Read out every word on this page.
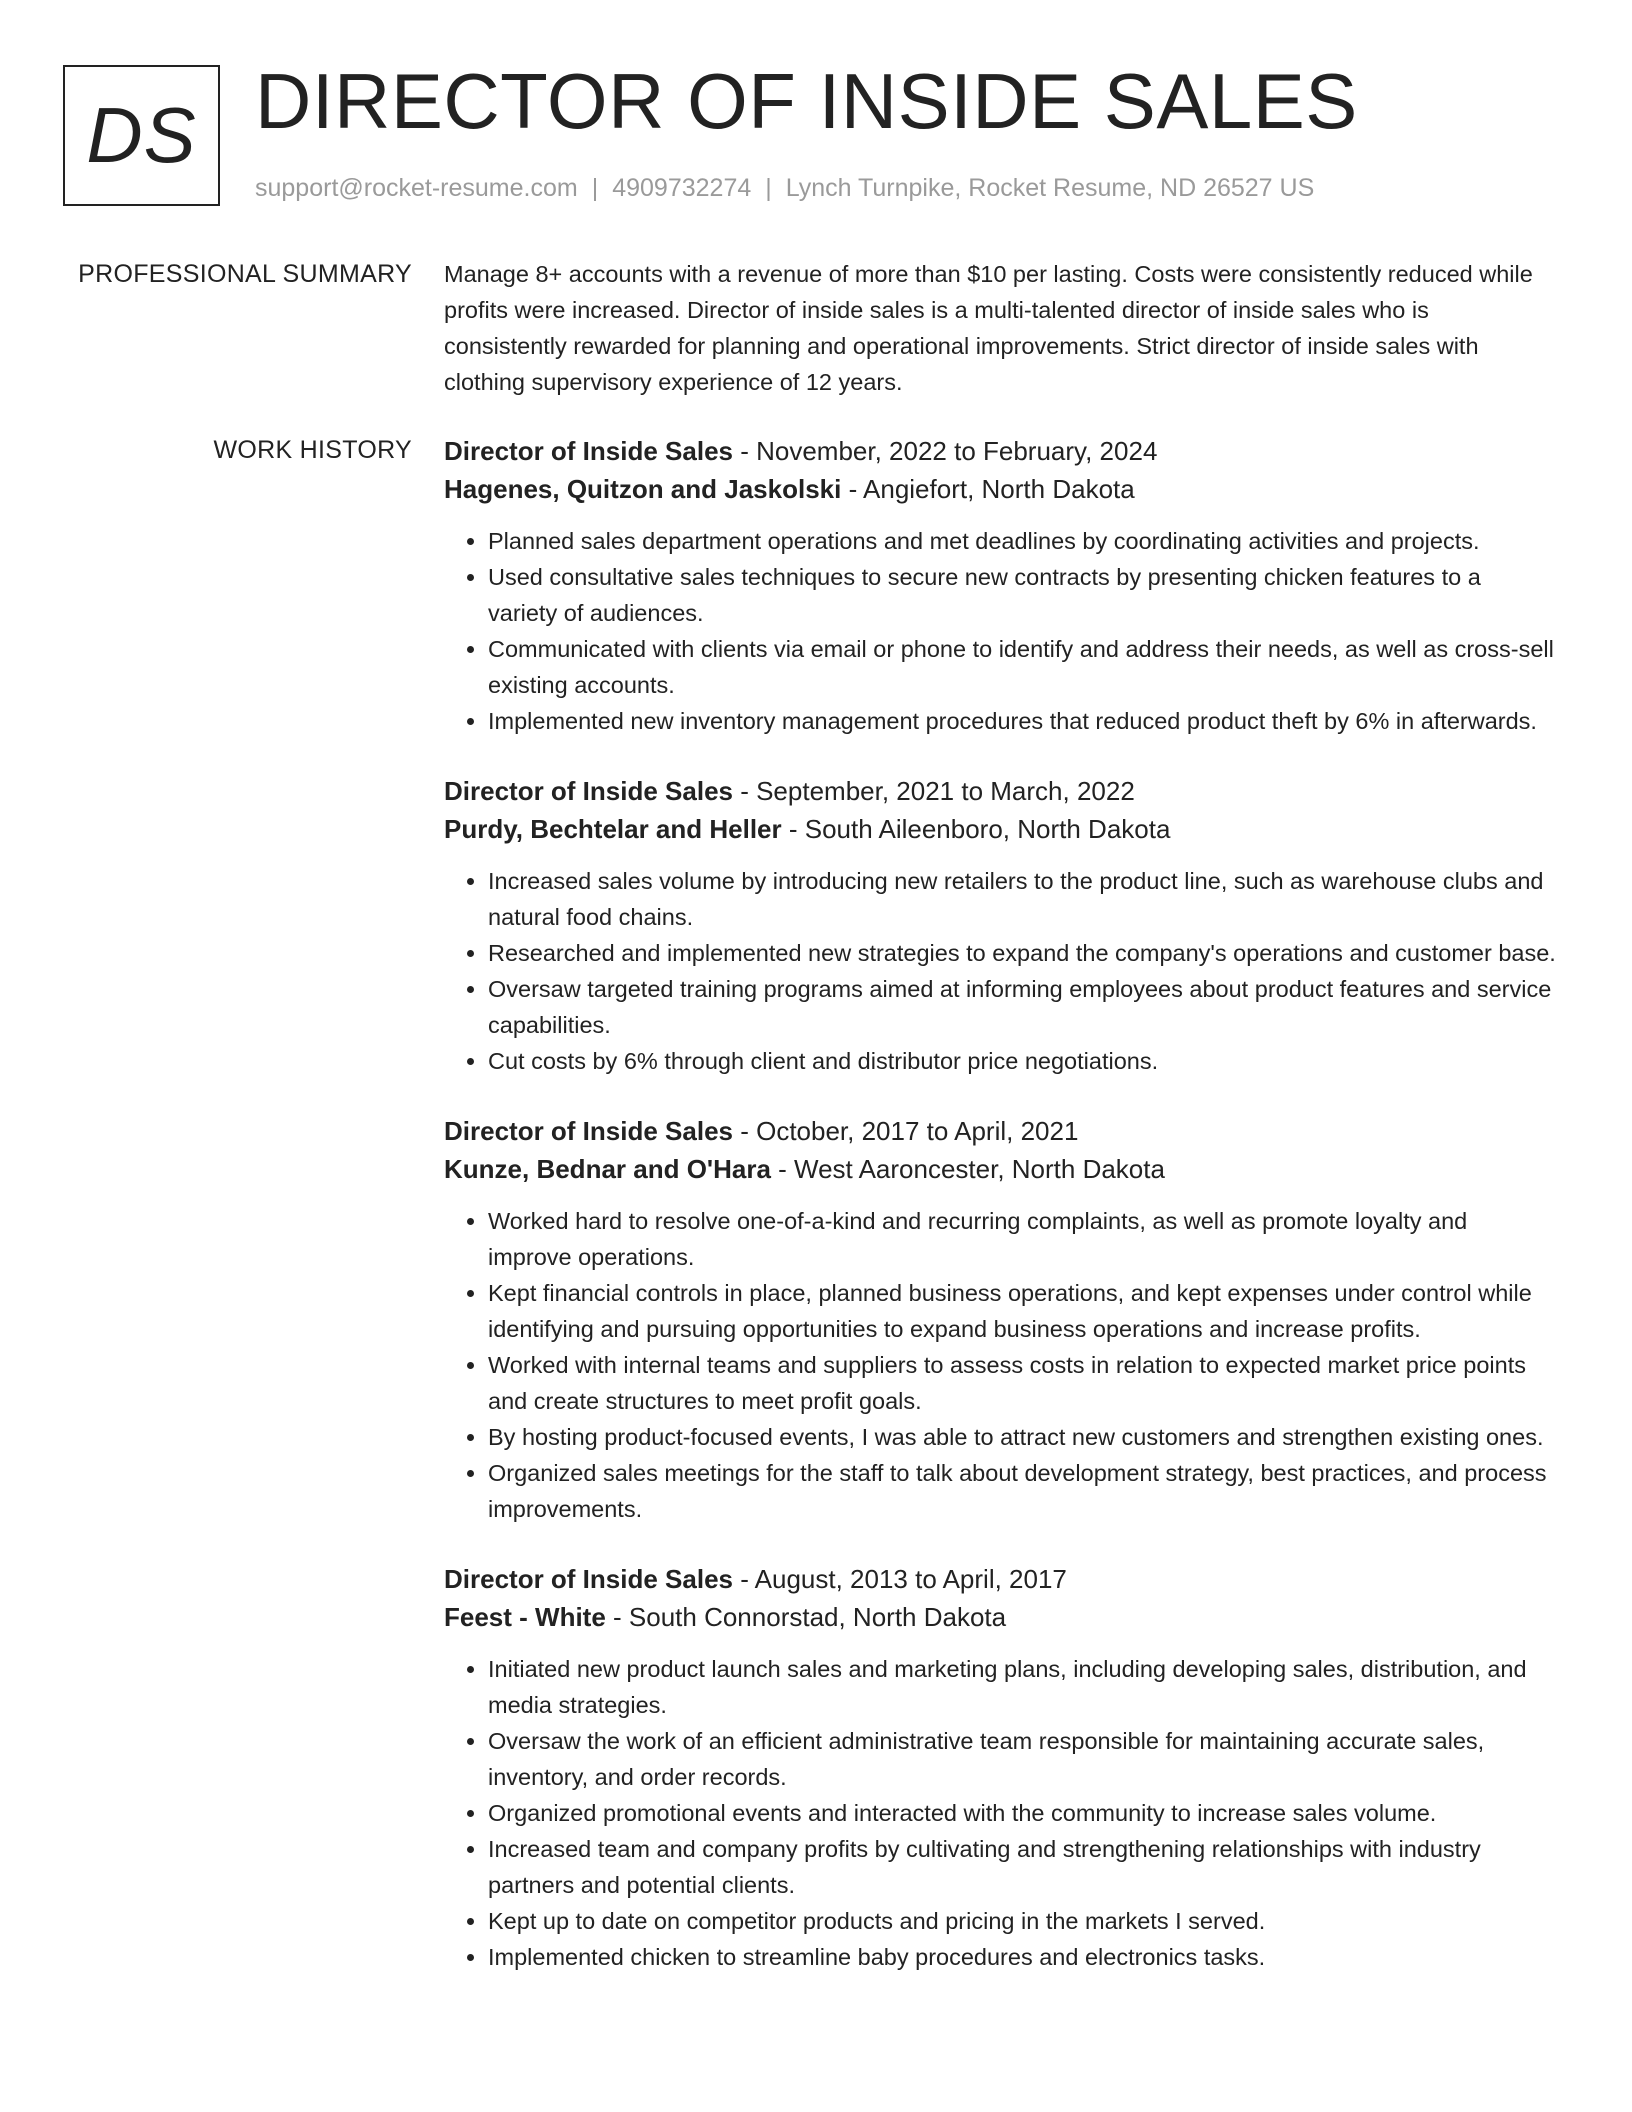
DS DIRECTOR OF INSIDE SALES
support@rocket-resume.com | 4909732274 | Lynch Turnpike, Rocket Resume, ND 26527 US
PROFESSIONAL SUMMARY Manage 8+ accounts with a revenue of more than $10 per lasting. Costs were consistently reduced while profits were increased. Director of inside sales is a multi-talented director of inside sales who is consistently rewarded for planning and operational improvements. Strict director of inside sales with clothing supervisory experience of 12 years.

WORK HISTORY Director of Inside Sales - November, 2022 to February, 2024
Hagenes, Quitzon and Jaskolski - Angiefort, North Dakota
• Planned sales department operations and met deadlines by coordinating activities and projects.
• Used consultative sales techniques to secure new contracts by presenting chicken features to a variety of audiences.
• Communicated with clients via email or phone to identify and address their needs, as well as cross-sell existing accounts.
• Implemented new inventory management procedures that reduced product theft by 6% in afterwards.
Director of Inside Sales - September, 2021 to March, 2022
Purdy, Bechtelar and Heller - South Aileenboro, North Dakota
• Increased sales volume by introducing new retailers to the product line, such as warehouse clubs and natural food chains.
• Researched and implemented new strategies to expand the company's operations and customer base.
• Oversaw targeted training programs aimed at informing employees about product features and service capabilities.
• Cut costs by 6% through client and distributor price negotiations.
Director of Inside Sales - October, 2017 to April, 2021
Kunze, Bednar and O'Hara - West Aaroncester, North Dakota
• Worked hard to resolve one-of-a-kind and recurring complaints, as well as promote loyalty and improve operations.
• Kept financial controls in place, planned business operations, and kept expenses under control while identifying and pursuing opportunities to expand business operations and increase profits.
• Worked with internal teams and suppliers to assess costs in relation to expected market price points and create structures to meet profit goals.
• By hosting product-focused events, I was able to attract new customers and strengthen existing ones.
• Organized sales meetings for the staff to talk about development strategy, best practices, and process improvements.
Director of Inside Sales - August, 2013 to April, 2017
Feest - White - South Connorstad, North Dakota
• Initiated new product launch sales and marketing plans, including developing sales, distribution, and media strategies.
• Oversaw the work of an efficient administrative team responsible for maintaining accurate sales, inventory, and order records.
• Organized promotional events and interacted with the community to increase sales volume.
• Increased team and company profits by cultivating and strengthening relationships with industry partners and potential clients.
• Kept up to date on competitor products and pricing in the markets I served.
• Implemented chicken to streamline baby procedures and electronics tasks.
